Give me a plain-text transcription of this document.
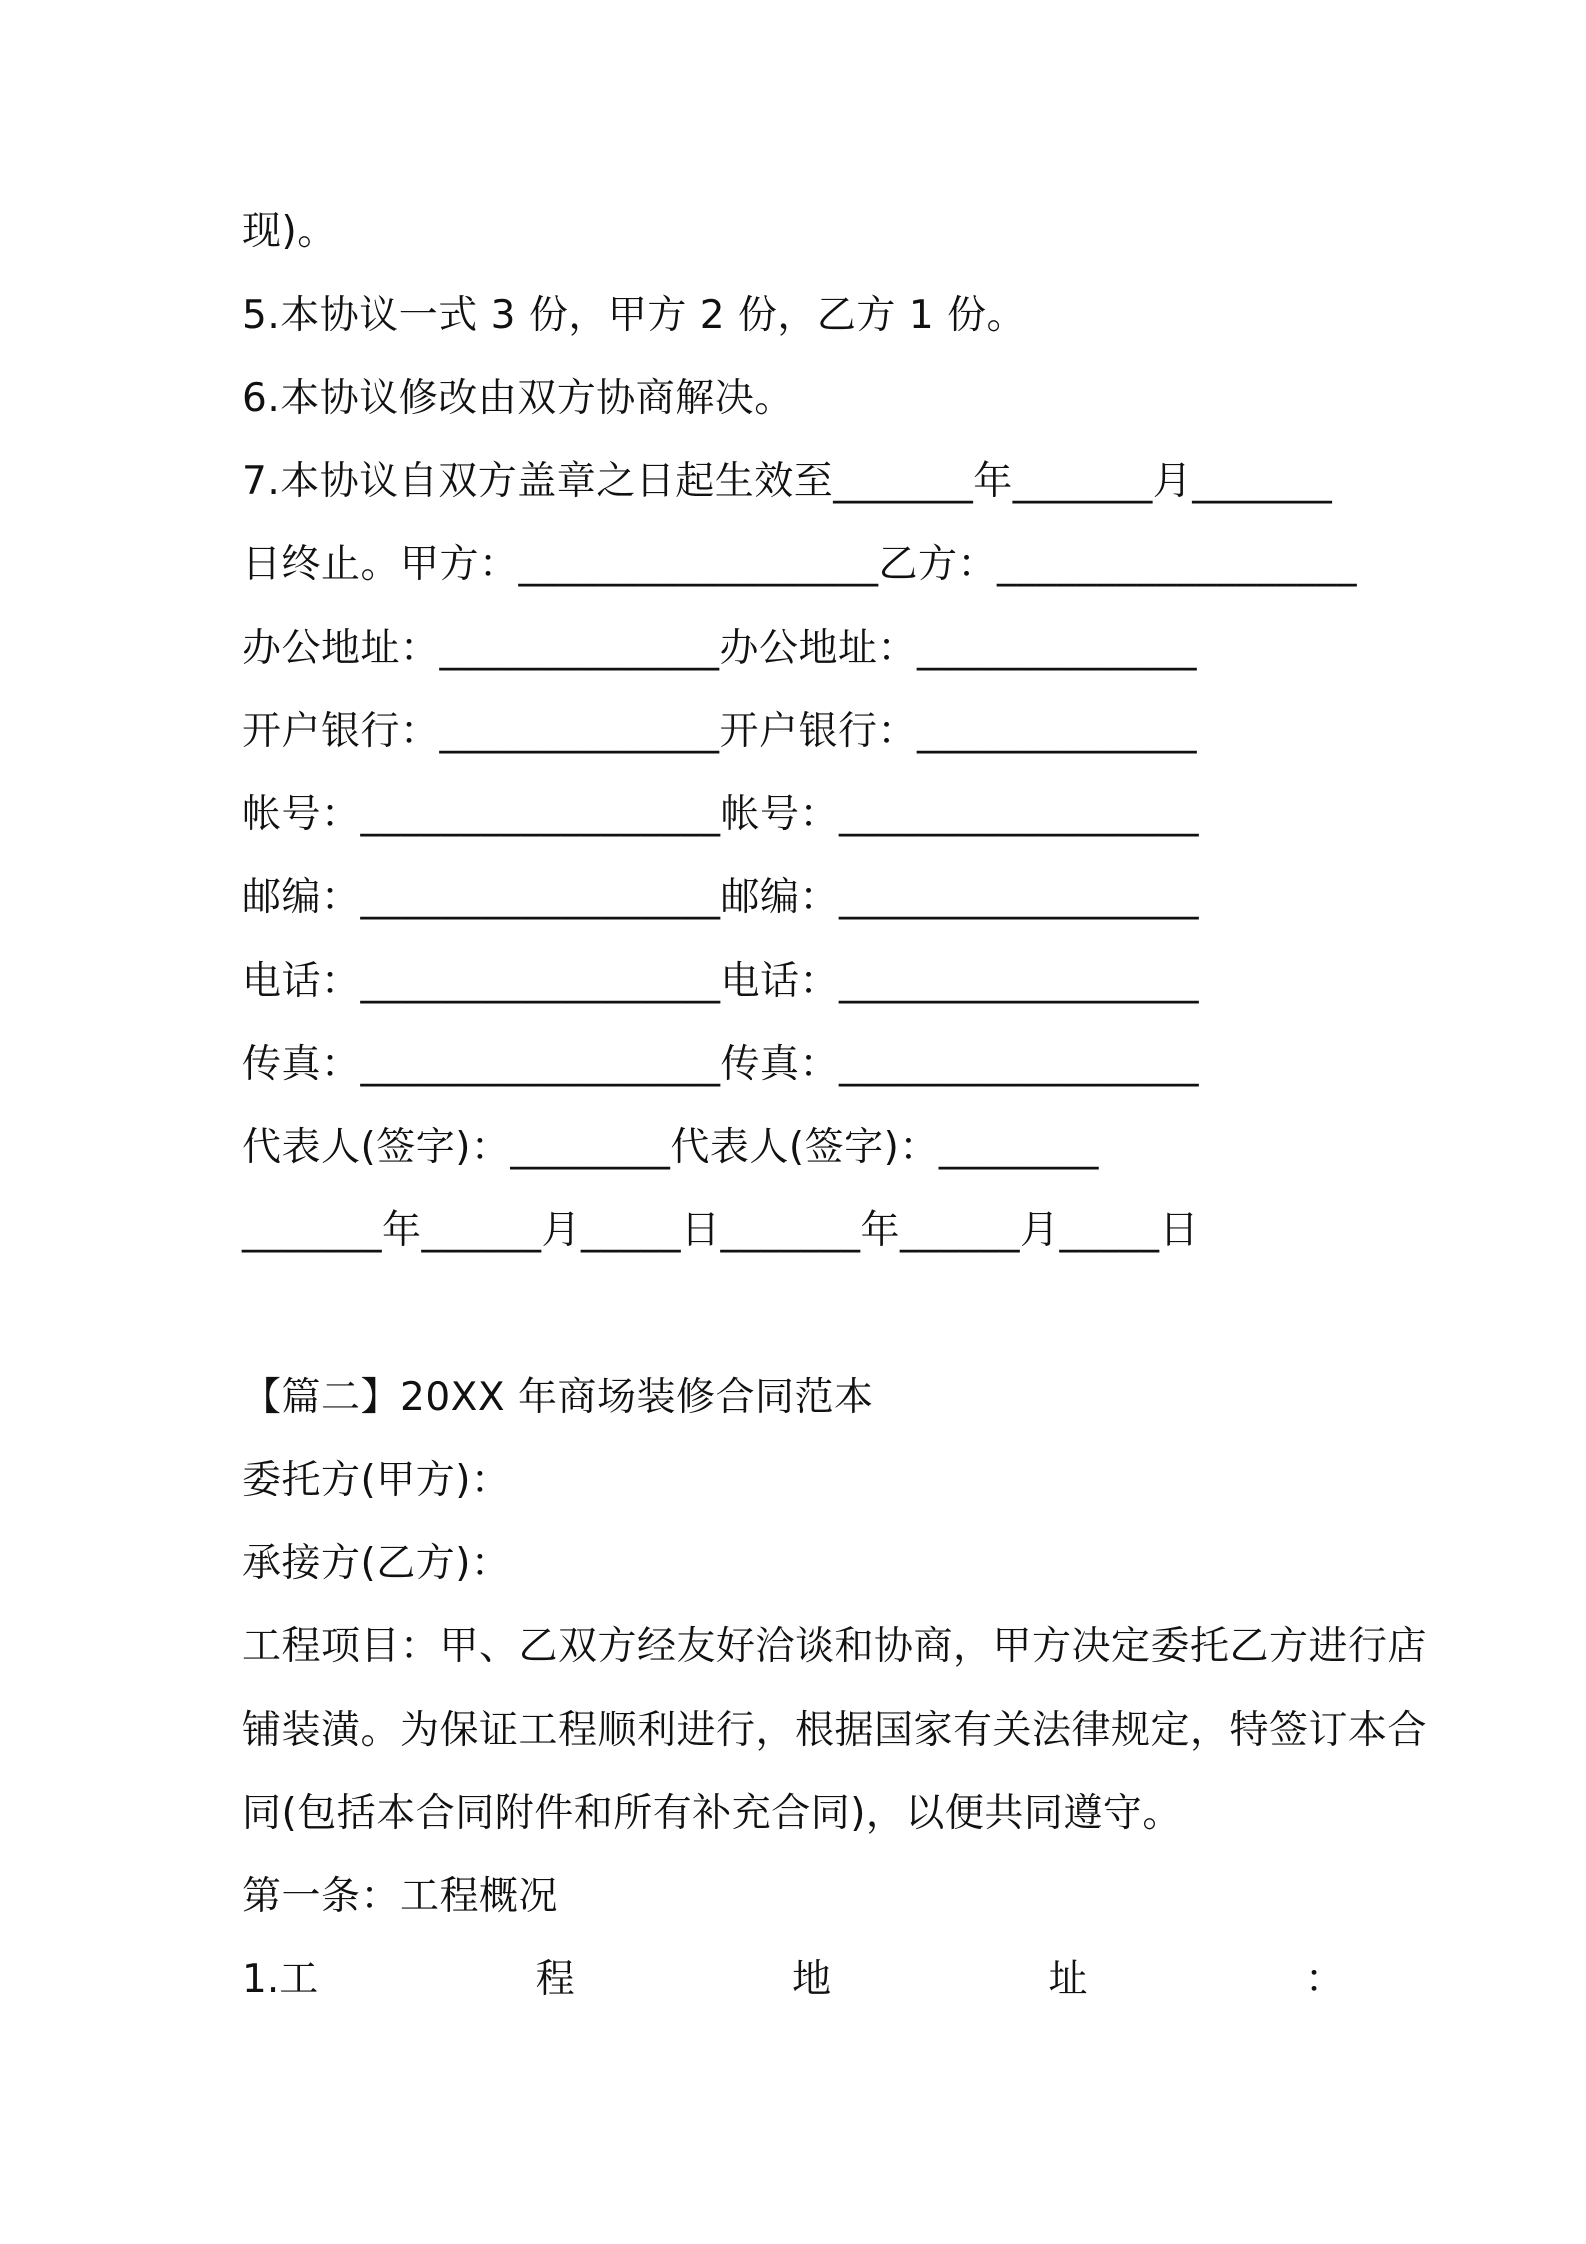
现)。
5.本协议一式 3 份，甲方 2 份，乙方 1 份。
6.本协议修改由双方协商解决。
7.本协议自双方盖章之日起生效至_______年_______月_______
日终止。甲方：__________________乙方：__________________
办公地址：______________办公地址：______________
开户银行：______________开户银行：______________
帐号：__________________帐号：__________________
邮编：__________________邮编：__________________
电话：__________________电话：__________________
传真：__________________传真：__________________
代表人(签字)：________代表人(签字)：________
_______年______月_____日_______年______月_____日
【篇二】20XX 年商场装修合同范本
委托方(甲方)：
承接方(乙方)：
工程项目：甲、乙双方经友好洽谈和协商，甲方决定委托乙方进行店
铺装潢。为保证工程顺利进行，根据国家有关法律规定，特签订本合
同(包括本合同附件和所有补充合同)，以便共同遵守。
第一条：工程概况
1.工	程	地	址	：
